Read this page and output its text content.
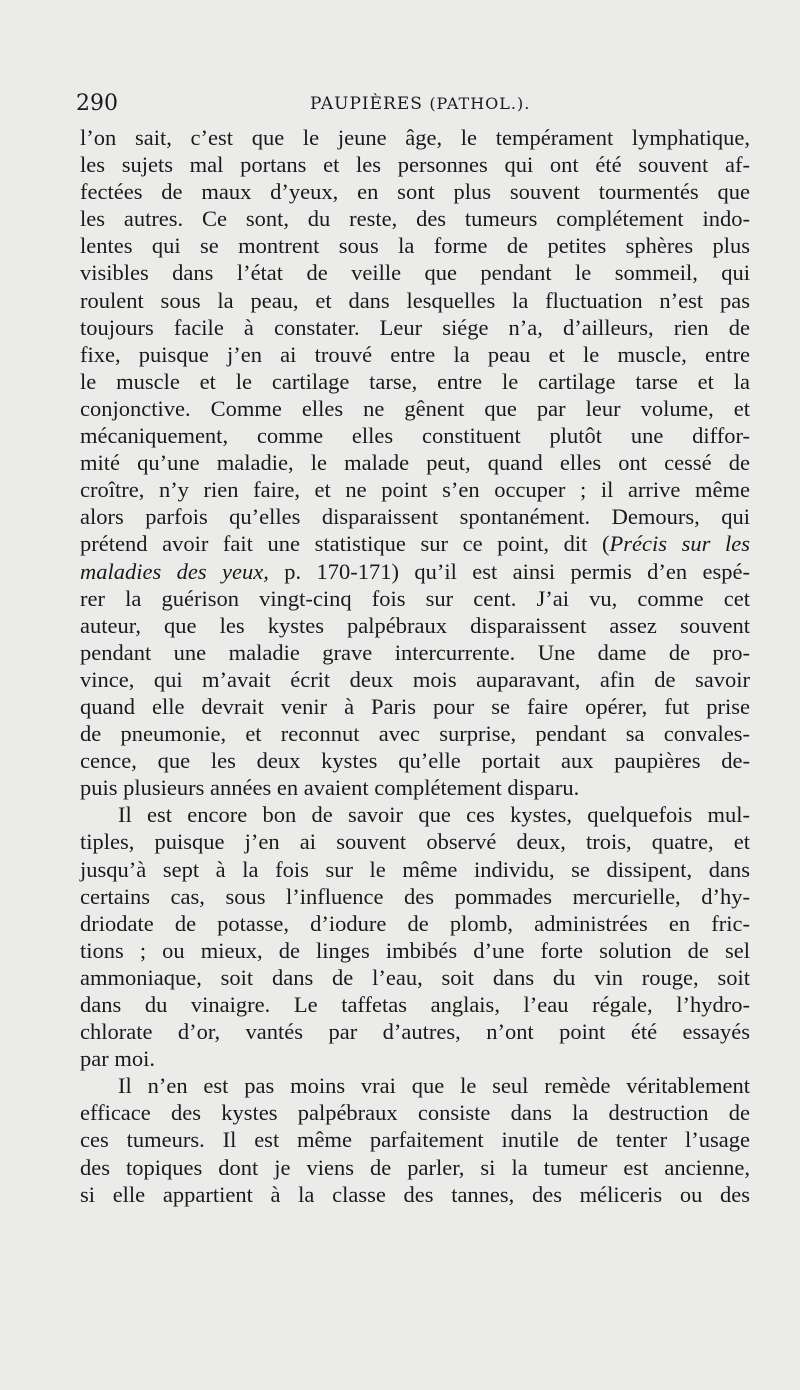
290	PAUPIÈRES (PATHOL.).
l’on sait, c’est que le jeune âge, le tempérament lymphatique,
les sujets mal portans et les personnes qui ont été souvent af-
fectées de maux d’yeux, en sont plus souvent tourmentés que
les autres. Ce sont, du reste, des tumeurs complétement indo-
lentes qui se montrent sous la forme de petites sphères plus
visibles dans l’état de veille que pendant le sommeil, qui
roulent sous la peau, et dans lesquelles la fluctuation n’est pas
toujours facile à constater. Leur siége n’a, d’ailleurs, rien de
fixe, puisque j’en ai trouvé entre la peau et le muscle, entre
le muscle et le cartilage tarse, entre le cartilage tarse et la
conjonctive. Comme elles ne gênent que par leur volume, et
mécaniquement, comme elles constituent plutôt une diffor-
mité qu’une maladie, le malade peut, quand elles ont cessé de
croître, n’y rien faire, et ne point s’en occuper ; il arrive même
alors parfois qu’elles disparaissent spontanément. Demours, qui
prétend avoir fait une statistique sur ce point, dit (Précis sur les
maladies des yeux, p. 170-171) qu’il est ainsi permis d’en espé-
rer la guérison vingt-cinq fois sur cent. J’ai vu, comme cet
auteur, que les kystes palpébraux disparaissent assez souvent
pendant une maladie grave intercurrente. Une dame de pro-
vince, qui m’avait écrit deux mois auparavant, afin de savoir
quand elle devrait venir à Paris pour se faire opérer, fut prise
de pneumonie, et reconnut avec surprise, pendant sa convales-
cence, que les deux kystes qu’elle portait aux paupières de-
puis plusieurs années en avaient complétement disparu.
Il est encore bon de savoir que ces kystes, quelquefois mul-
tiples, puisque j’en ai souvent observé deux, trois, quatre, et
jusqu’à sept à la fois sur le même individu, se dissipent, dans
certains cas, sous l’influence des pommades mercurielle, d’hy-
driodate de potasse, d’iodure de plomb, administrées en fric-
tions ; ou mieux, de linges imbibés d’une forte solution de sel
ammoniaque, soit dans de l’eau, soit dans du vin rouge, soit
dans du vinaigre. Le taffetas anglais, l’eau régale, l’hydro-
chlorate d’or, vantés par d’autres, n’ont point été essayés
par moi.
Il n’en est pas moins vrai que le seul remède véritablement
efficace des kystes palpébraux consiste dans la destruction de
ces tumeurs. Il est même parfaitement inutile de tenter l’usage
des topiques dont je viens de parler, si la tumeur est ancienne,
si elle appartient à la classe des tannes, des méliceris ou des
